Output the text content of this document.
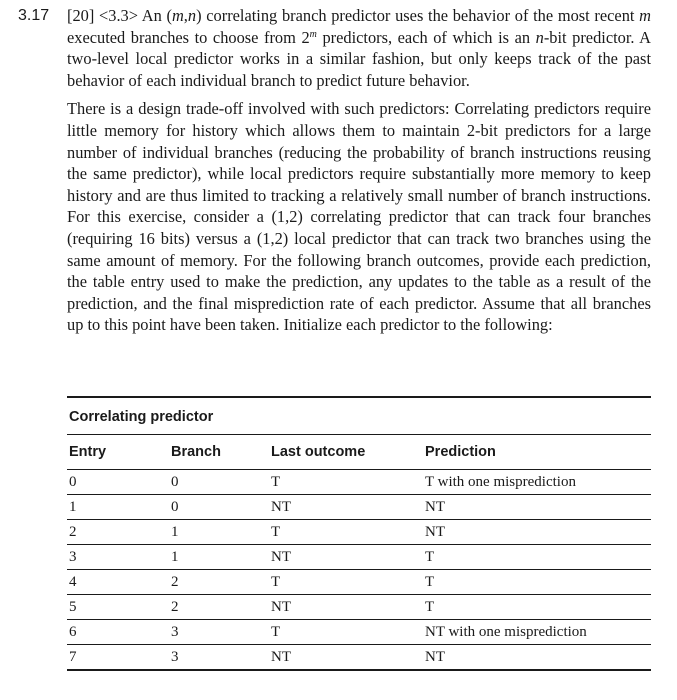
3.17 [20] <3.3> An (m,n) correlating branch predictor uses the behavior of the most recent m executed branches to choose from 2$^m$ predictors, each of which is an n-bit predictor. A two-level local predictor works in a similar fashion, but only keeps track of the past behavior of each individual branch to predict future behavior.

There is a design trade-off involved with such predictors: Correlating predictors require little memory for history which allows them to maintain 2-bit predictors for a large number of individual branches (reducing the probability of branch instructions reusing the same predictor), while local predictors require substantially more memory to keep history and are thus limited to tracking a relatively small number of branch instructions. For this exercise, consider a (1,2) correlating predictor that can track four branches (requiring 16 bits) versus a (1,2) local predictor that can track two branches using the same amount of memory. For the following branch outcomes, provide each prediction, the table entry used to make the prediction, any updates to the table as a result of the prediction, and the final misprediction rate of each predictor. Assume that all branches up to this point have been taken. Initialize each predictor to the following:

Correlating predictor
Entry	Branch	Last outcome	Prediction
0	0	T	T with one misprediction
1	0	NT	NT
2	1	T	NT
3	1	NT	T
4	2	T	T
5	2	NT	T
6	3	T	NT with one misprediction
7	3	NT	NT
